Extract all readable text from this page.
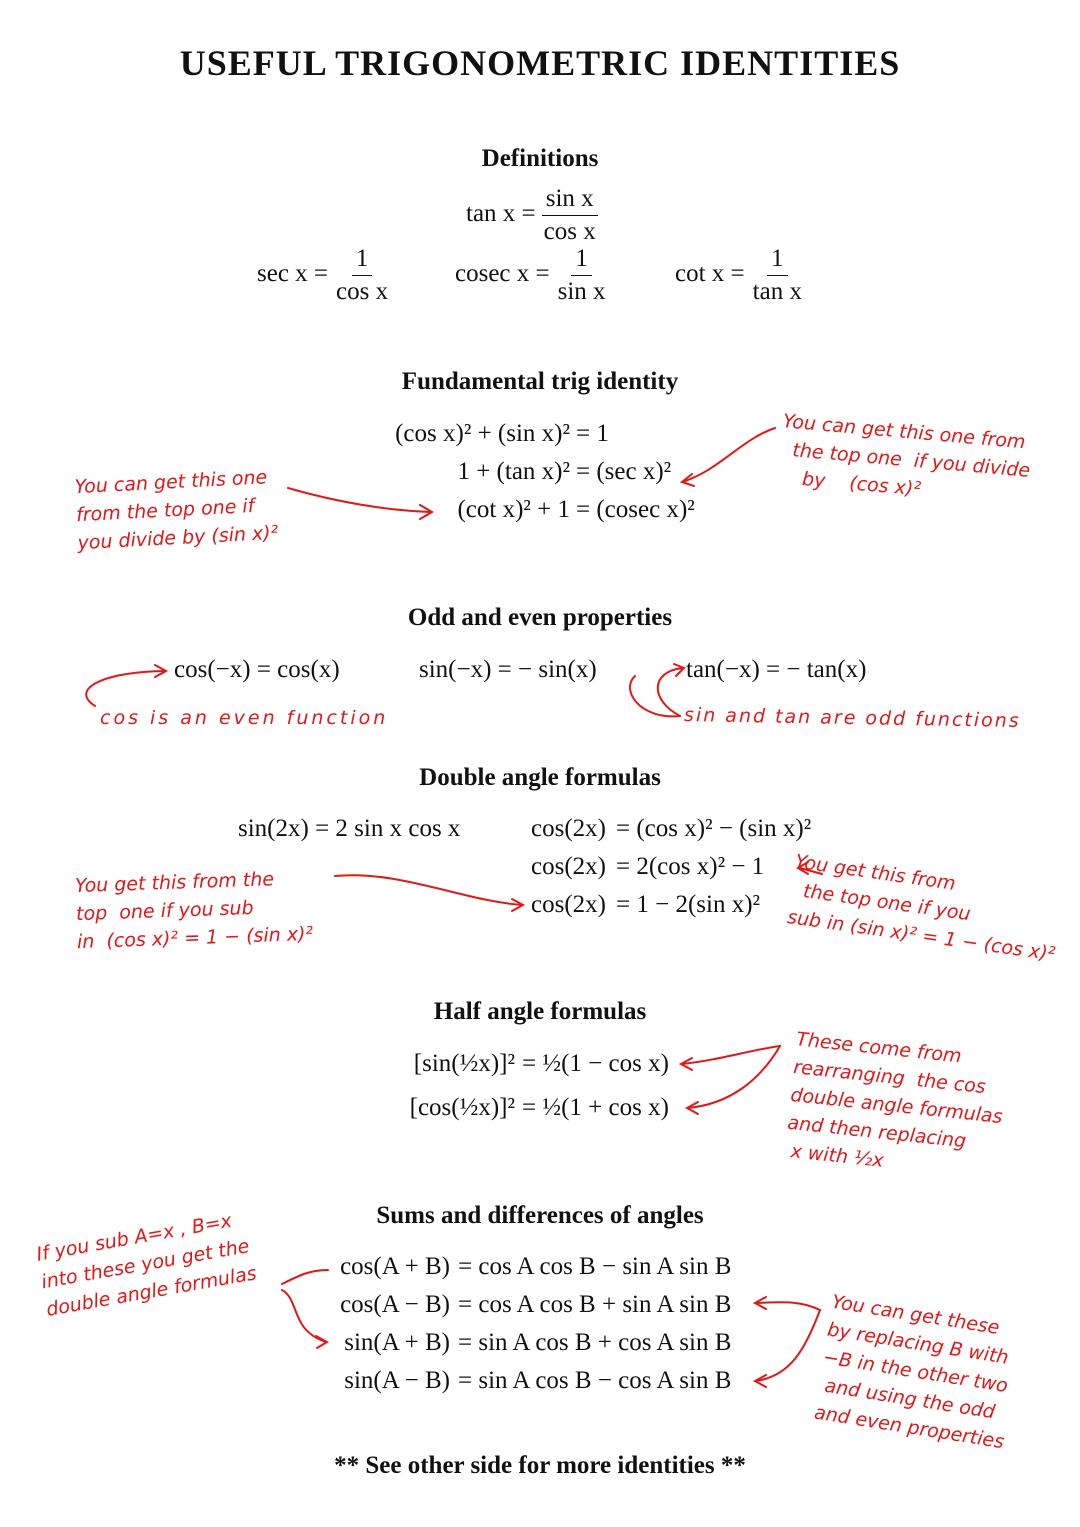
USEFUL TRIGONOMETRIC IDENTITIES
Definitions
$\tan x = \frac{\text{sin x}}{\text{cos x}}$
$\sec x = \frac{1}{\text{cos x}}$	cosec $x = \frac{1}{\text{sin x}}$	$\cot x = \frac{1}{\text{tan x}}$
Fundamental trig identity
(cos x)² + (sin x)² = 1
1 + (tan x)² = (sec x)²
(cot x)² + 1 = (cosec x)²
Odd and even properties
cos(−x) = cos(x)	sin(−x) = − sin(x)	tan(−x) = − tan(x)
Double angle formulas
sin(2x) = 2 sin x cos x	cos(2x) = (cos x)² − (sin x)²
cos(2x) = 2(cos x)² − 1
cos(2x) = 1 − 2(sin x)²
Half angle formulas
[sin(½x)]² = ½(1 − cos x)
[cos(½x)]² = ½(1 + cos x)
Sums and differences of angles
cos(A + B) = cos A cos B − sin A sin B
cos(A − B) = cos A cos B + sin A sin B
sin(A + B) = sin A cos B + cos A sin B
sin(A − B) = sin A cos B − cos A sin B
** See other side for more identities **
You can get this one
from the top one if
you divide by (sin x)²
You can get this one from
the top one  if you divide
by    (cos x)²
cos is an even function	sin and tan are odd functions
You get this from the
top  one if you sub
in  (cos x)² = 1 − (sin x)²
You get this from
the top one if you
sub in (sin x)² = 1 − (cos x)²
These come from
rearranging  the cos
double angle formulas
and then replacing
x with ½x
If you sub A=x , B=x
into these you get the
double angle formulas	You can get these
by replacing B with
−B in the other two
and using the odd
and even properties
